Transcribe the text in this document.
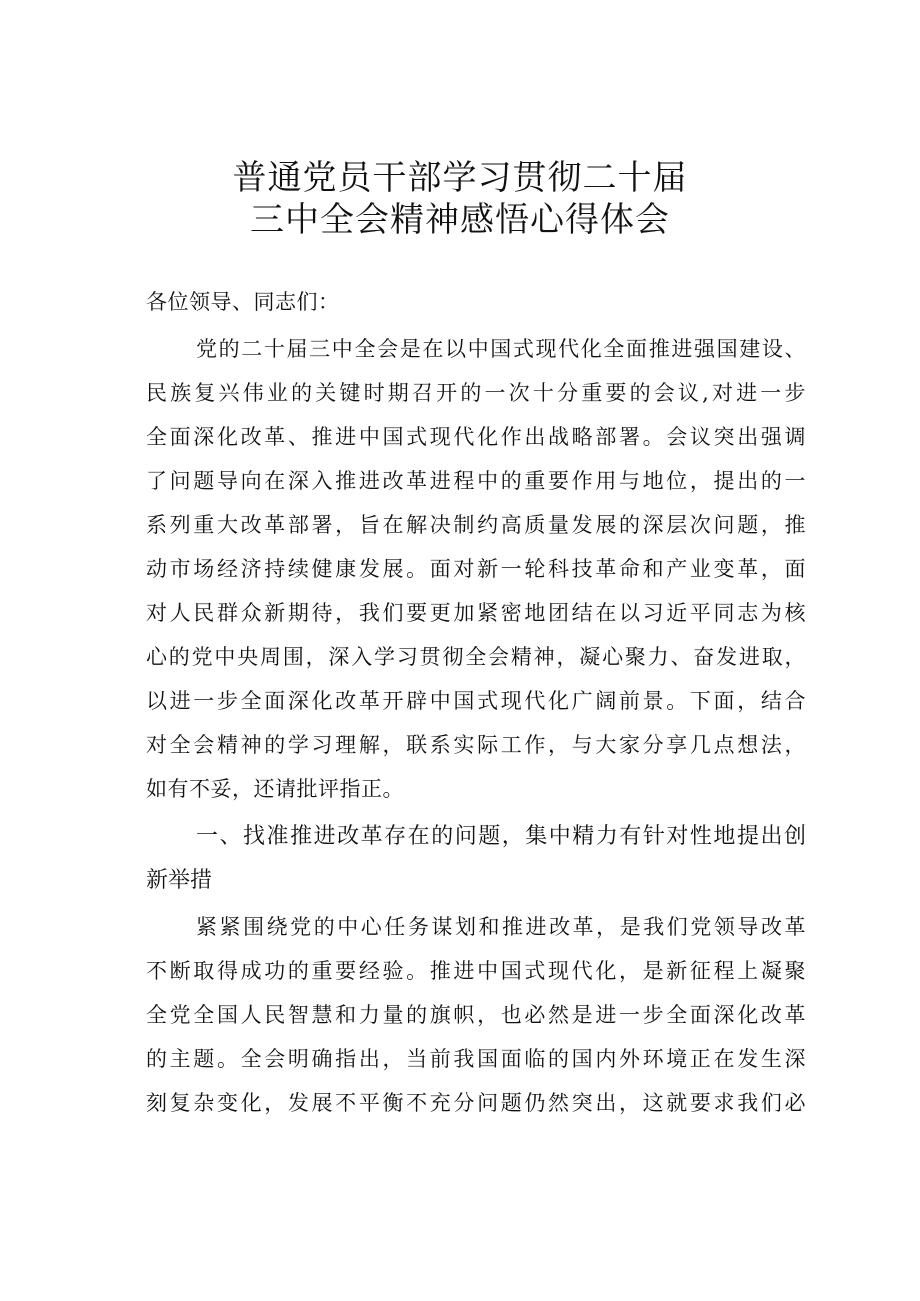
普通党员干部学习贯彻二十届
三中全会精神感悟心得体会
各位领导、同志们：
党的二十届三中全会是在以中国式现代化全面推进强国建设、
民族复兴伟业的关键时期召开的一次十分重要的会议,对进一步
全面深化改革、推进中国式现代化作出战略部署。会议突出强调
了问题导向在深入推进改革进程中的重要作用与地位，提出的一
系列重大改革部署，旨在解决制约高质量发展的深层次问题，推
动市场经济持续健康发展。面对新一轮科技革命和产业变革，面
对人民群众新期待，我们要更加紧密地团结在以习近平同志为核
心的党中央周围，深入学习贯彻全会精神，凝心聚力、奋发进取，
以进一步全面深化改革开辟中国式现代化广阔前景。下面，结合
对全会精神的学习理解，联系实际工作，与大家分享几点想法，
如有不妥，还请批评指正。
一、找准推进改革存在的问题，集中精力有针对性地提出创
新举措
紧紧围绕党的中心任务谋划和推进改革，是我们党领导改革
不断取得成功的重要经验。推进中国式现代化，是新征程上凝聚
全党全国人民智慧和力量的旗帜，也必然是进一步全面深化改革
的主题。全会明确指出，当前我国面临的国内外环境正在发生深
刻复杂变化，发展不平衡不充分问题仍然突出，这就要求我们必
